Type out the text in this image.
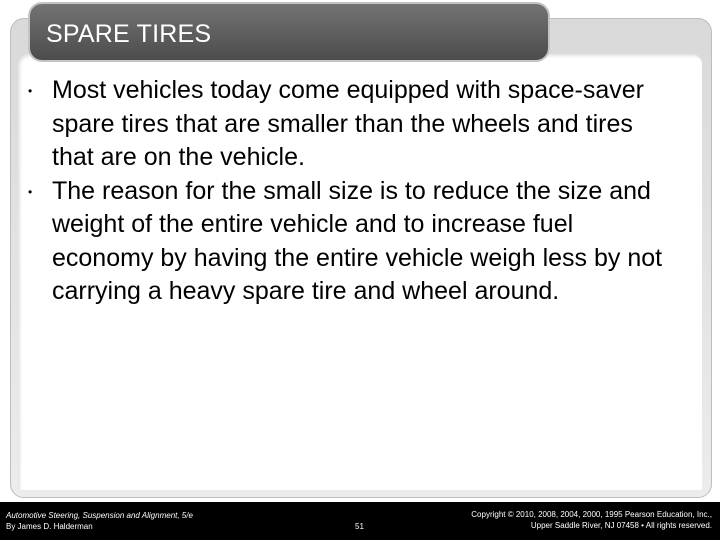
SPARE TIRES
• Most vehicles today come equipped with space-saver spare tires that are smaller than the wheels and tires that are on the vehicle.
• The reason for the small size is to reduce the size and weight of the entire vehicle and to increase fuel economy by having the entire vehicle weigh less by not carrying a heavy spare tire and wheel around.
Automotive Steering, Suspension and Alignment, 5/e
By James D. Halderman	51
Copyright © 2010, 2008, 2004, 2000, 1995 Pearson Education, Inc.,
Upper Saddle River, NJ 07458 • All rights reserved.
